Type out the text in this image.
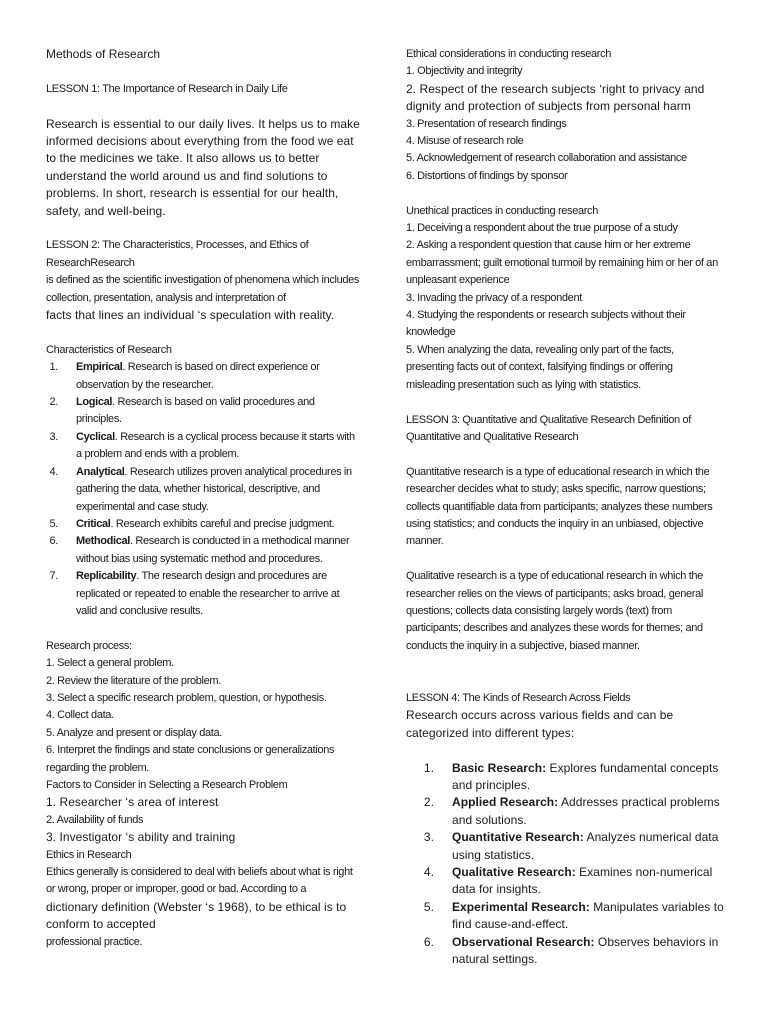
Methods of Research

LESSON 1: The Importance of Research in Daily Life

Research is essential to our daily lives. It helps us to make informed decisions about everything from the food we eat to the medicines we take. It also allows us to better understand the world around us and find solutions to problems. In short, research is essential for our health, safety, and well-being.

LESSON 2: The Characteristics, Processes, and Ethics of ResearchResearch

is defined as the scientific investigation of phenomena which includes collection, presentation, analysis and interpretation of

facts that lines an individual ‘s speculation with reality.

Characteristics of Research

1. Empirical. Research is based on direct experience or observation by the researcher.
2. Logical. Research is based on valid procedures and principles.
3. Cyclical. Research is a cyclical process because it starts with a problem and ends with a problem.
4. Analytical. Research utilizes proven analytical procedures in gathering the data, whether historical, descriptive, and experimental and case study.
5. Critical. Research exhibits careful and precise judgment.
6. Methodical. Research is conducted in a methodical manner without bias using systematic method and procedures.
7. Replicability. The research design and procedures are replicated or repeated to enable the researcher to arrive at valid and conclusive results.

Research process:

1. Select a general problem.

2. Review the literature of the problem.

3. Select a specific research problem, question, or hypothesis.

4. Collect data.

5. Analyze and present or display data.

6. Interpret the findings and state conclusions or generalizations regarding the problem.

Factors to Consider in Selecting a Research Problem

1. Researcher ‘s area of interest

2. Availability of funds

3. Investigator ‘s ability and training

Ethics in Research

Ethics generally is considered to deal with beliefs about what is right or wrong, proper or improper, good or bad. According to a

dictionary definition (Webster ‘s 1968), to be ethical is to conform to accepted

professional practice.

Ethical considerations in conducting research

1. Objectivity and integrity

2. Respect of the research subjects ‘right to privacy and dignity and protection of subjects from personal harm

3. Presentation of research findings

4. Misuse of research role

5. Acknowledgement of research collaboration and assistance

6. Distortions of findings by sponsor

Unethical practices in conducting research

1. Deceiving a respondent about the true purpose of a study

2. Asking a respondent question that cause him or her extreme embarrassment; guilt emotional turmoil by remaining him or her of an unpleasant experience

3. Invading the privacy of a respondent

4. Studying the respondents or research subjects without their knowledge

5. When analyzing the data, revealing only part of the facts, presenting facts out of context, falsifying findings or offering misleading presentation such as lying with statistics.

LESSON 3: Quantitative and Qualitative Research Definition of Quantitative and Qualitative Research

Quantitative research is a type of educational research in which the researcher decides what to study; asks specific, narrow questions; collects quantifiable data from participants; analyzes these numbers using statistics; and conducts the inquiry in an unbiased, objective manner.

Qualitative research is a type of educational research in which the researcher relies on the views of participants; asks broad, general questions; collects data consisting largely words (text) from participants; describes and analyzes these words for themes; and conducts the inquiry in a subjective, biased manner.

LESSON 4: The Kinds of Research Across Fields

Research occurs across various fields and can be categorized into different types:

1. Basic Research: Explores fundamental concepts and principles.
2. Applied Research: Addresses practical problems and solutions.
3. Quantitative Research: Analyzes numerical data using statistics.
4. Qualitative Research: Examines non-numerical data for insights.
5. Experimental Research: Manipulates variables to find cause-and-effect.
6. Observational Research: Observes behaviors in natural settings.
